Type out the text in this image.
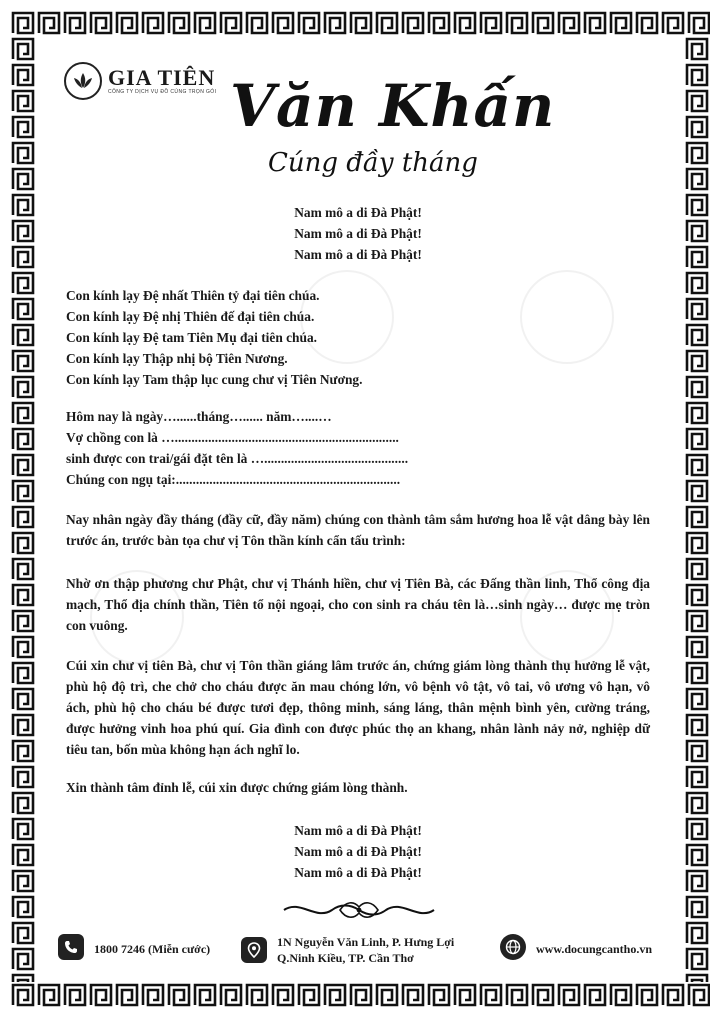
GIA TIÊN
CÔNG TY DỊCH VỤ ĐỒ CÚNG TRỌN GÓI Văn Khấn
Cúng đầy tháng
Nam mô a di Đà Phật!
Nam mô a di Đà Phật!
Nam mô a di Đà Phật!
Con kính lạy Đệ nhất Thiên tỷ đại tiên chúa.
Con kính lạy Đệ nhị Thiên đế đại tiên chúa.
Con kính lạy Đệ tam Tiên Mụ đại tiên chúa.
Con kính lạy Thập nhị bộ Tiên Nương.
Con kính lạy Tam thập lục cung chư vị Tiên Nương.
Hôm nay là ngày…......tháng…...... năm…....…
Vợ chồng con là …...................................................................
sinh được con trai/gái đặt tên là …...........................................
Chúng con ngụ tại:...................................................................
Nay nhân ngày đầy tháng (đầy cữ, đầy năm) chúng con thành tâm sắm hương hoa lễ vật dâng bày lên trước án, trước bàn tọa chư vị Tôn thần kính cẩn tấu trình:
Nhờ ơn thập phương chư Phật, chư vị Thánh hiền, chư vị Tiên Bà, các Đấng thần linh, Thổ công địa mạch, Thổ địa chính thần, Tiên tổ nội ngoại, cho con sinh ra cháu tên là…sinh ngày… được mẹ tròn con vuông.
Cúi xin chư vị tiên Bà, chư vị Tôn thần giáng lâm trước án, chứng giám lòng thành thụ hưởng lễ vật, phù hộ độ trì, che chở cho cháu được ăn mau chóng lớn, vô bệnh vô tật, vô tai, vô ương vô hạn, vô ách, phù hộ cho cháu bé được tươi đẹp, thông minh, sáng láng, thân mệnh bình yên, cường tráng, được hưởng vinh hoa phú quí. Gia đình con được phúc thọ an khang, nhân lành nảy nở, nghiệp dữ tiêu tan, bốn mùa không hạn ách nghĩ lo.
Xin thành tâm đỉnh lễ, cúi xin được chứng giám lòng thành.
Nam mô a di Đà Phật!
Nam mô a di Đà Phật!
Nam mô a di Đà Phật!
1800 7246 (Miễn cước)	1N Nguyễn Văn Linh, P. Hưng Lợi
Q.Ninh Kiều, TP. Cần Thơ
www.docungcantho.vn
